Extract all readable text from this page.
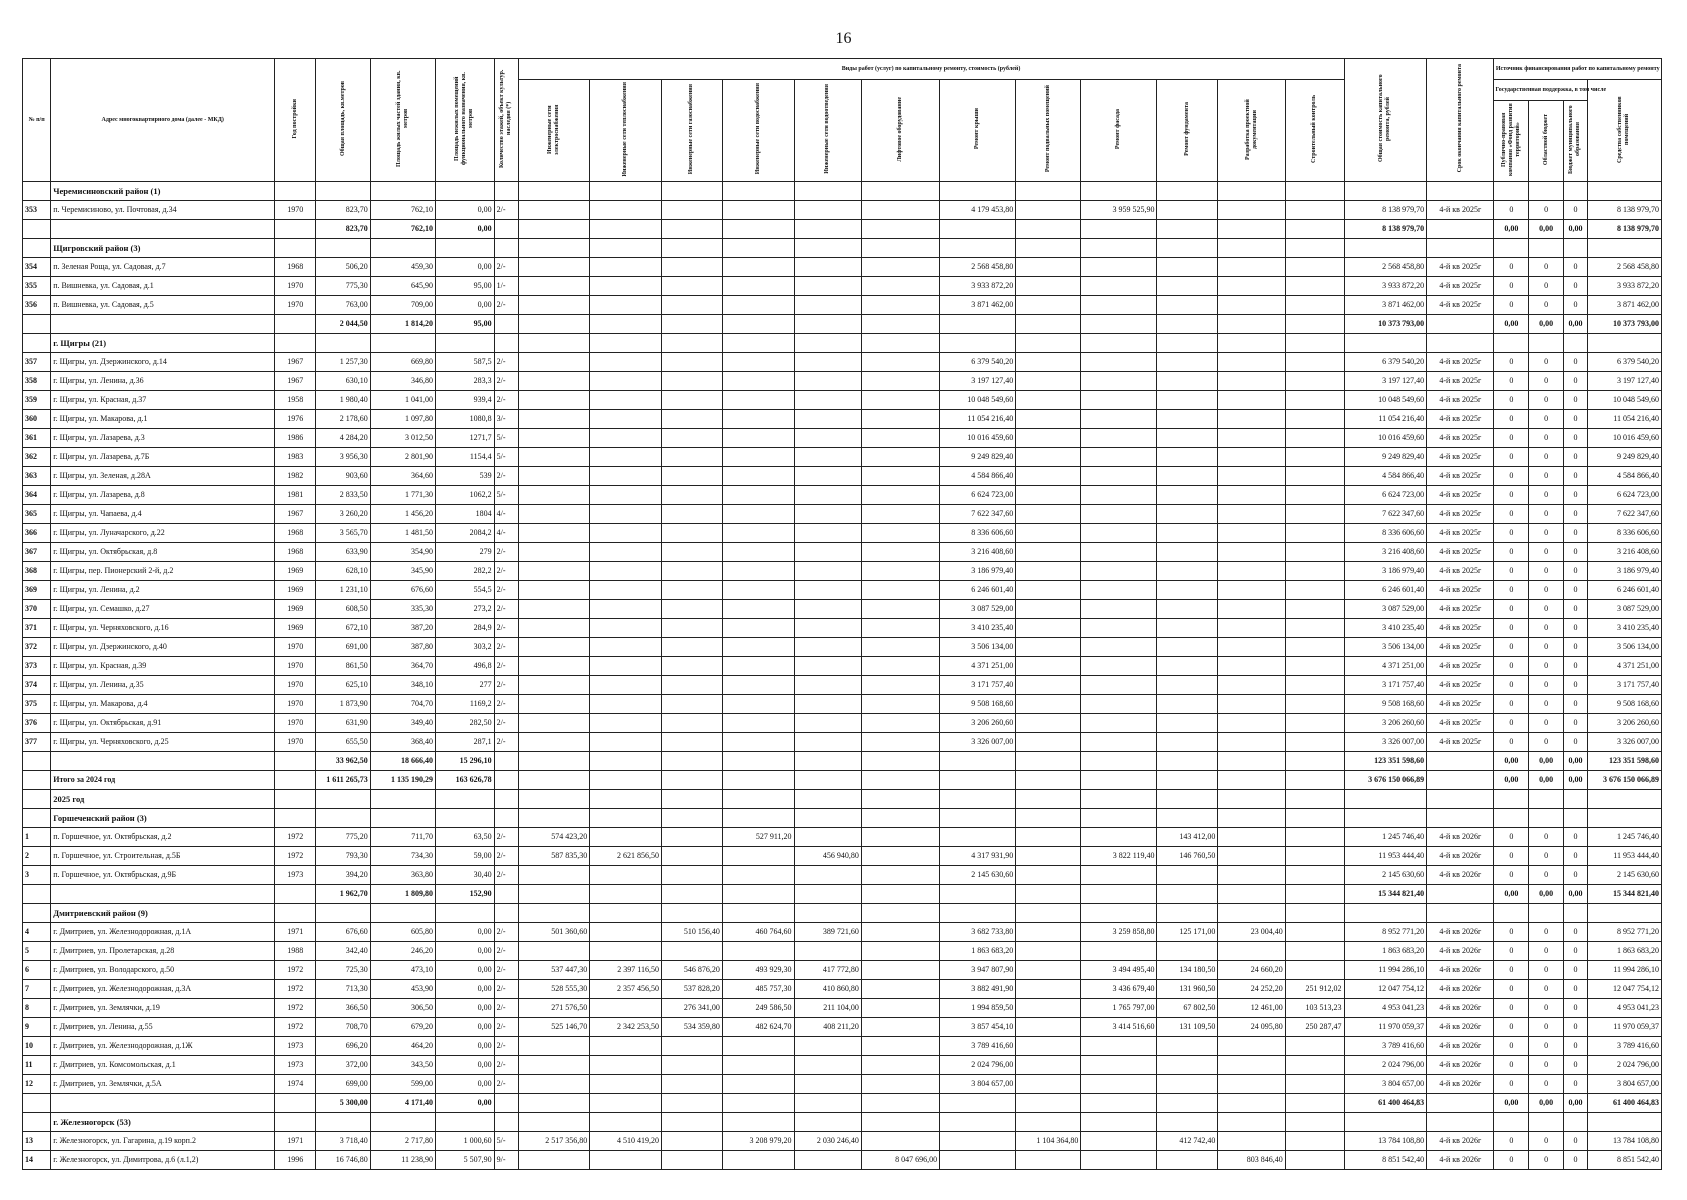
16
№ п/п	Адрес многоквартирного дома (далее - МКД)	Год постройки	Общая площадь, кв.метров	Площадь жилых частей здания, кв. метров	Площадь нежилых помещений функционального назначения, кв. метров	Количество этажей, объект культур. наследия (*)	Виды работ (услуг) по капитальному ремонту, стоимость (рублей)												Общая стоимость капитального ремонта, рублей	Срок окончания капитального ремонта	Источник финансирования работ по капитальному ремонту			
							Инженерные сети электроснабжения	Инженерные сети теплоснабжения	Инженерные сети газоснабжения	Инженерные сети водоснабжения	Инженерные сети водоотведения	Лифтовое оборудование	Ремонт крыши	Ремонт подвальных помещений	Ремонт фасада	Ремонт фундамента	Разработка проектной документации	Строительный контроль			Государственная поддержка, в том числе			Средства собственников помещений
																					Публично-правовая компания «Фонд развития территорий»	Областной бюджет	Бюджет муниципального образования	
	Черемисиновский район (1)																							
353	п. Черемисиново, ул. Почтовая, д.34	1970	823,70	762,10	0,00	2/-							4 179 453,80		3 959 525,90				8 138 979,70	4-й кв 2025г	0	0	0	8 138 979,70
			823,70	762,10	0,00														8 138 979,70		0,00	0,00	0,00	8 138 979,70
	Щигровский район (3)																							
354	п. Зеленая Роща, ул. Садовая, д.7	1968	506,20	459,30	0,00	2/-							2 568 458,80						2 568 458,80	4-й кв 2025г	0	0	0	2 568 458,80
355	п. Вишневка, ул. Садовая, д.1	1970	775,30	645,90	95,00	1/-							3 933 872,20						3 933 872,20	4-й кв 2025г	0	0	0	3 933 872,20
356	п. Вишневка, ул. Садовая, д.5	1970	763,00	709,00	0,00	2/-							3 871 462,00						3 871 462,00	4-й кв 2025г	0	0	0	3 871 462,00
			2 044,50	1 814,20	95,00														10 373 793,00		0,00	0,00	0,00	10 373 793,00
	г. Щигры (21)																							
357	г. Щигры, ул. Дзержинского, д.14	1967	1 257,30	669,80	587,5	2/-							6 379 540,20						6 379 540,20	4-й кв 2025г	0	0	0	6 379 540,20
358	г. Щигры, ул. Ленина, д.36	1967	630,10	346,80	283,3	2/-							3 197 127,40						3 197 127,40	4-й кв 2025г	0	0	0	3 197 127,40
359	г. Щигры, ул. Красная, д.37	1958	1 980,40	1 041,00	939,4	2/-							10 048 549,60						10 048 549,60	4-й кв 2025г	0	0	0	10 048 549,60
360	г. Щигры, ул. Макарова, д.1	1976	2 178,60	1 097,80	1080,8	3/-							11 054 216,40						11 054 216,40	4-й кв 2025г	0	0	0	11 054 216,40
361	г. Щигры, ул. Лазарева, д.3	1986	4 284,20	3 012,50	1271,7	5/-							10 016 459,60						10 016 459,60	4-й кв 2025г	0	0	0	10 016 459,60
362	г. Щигры, ул. Лазарева, д.7Б	1983	3 956,30	2 801,90	1154,4	5/-							9 249 829,40						9 249 829,40	4-й кв 2025г	0	0	0	9 249 829,40
363	г. Щигры, ул. Зеленая, д.28А	1982	903,60	364,60	539	2/-							4 584 866,40						4 584 866,40	4-й кв 2025г	0	0	0	4 584 866,40
364	г. Щигры, ул. Лазарева, д.8	1981	2 833,50	1 771,30	1062,2	5/-							6 624 723,00						6 624 723,00	4-й кв 2025г	0	0	0	6 624 723,00
365	г. Щигры, ул. Чапаева, д.4	1967	3 260,20	1 456,20	1804	4/-							7 622 347,60						7 622 347,60	4-й кв 2025г	0	0	0	7 622 347,60
366	г. Щигры, ул. Луначарского, д.22	1968	3 565,70	1 481,50	2084,2	4/-							8 336 606,60						8 336 606,60	4-й кв 2025г	0	0	0	8 336 606,60
367	г. Щигры, ул. Октябрьская, д.8	1968	633,90	354,90	279	2/-							3 216 408,60						3 216 408,60	4-й кв 2025г	0	0	0	3 216 408,60
368	г. Щигры, пер. Пионерский 2-й, д.2	1969	628,10	345,90	282,2	2/-							3 186 979,40						3 186 979,40	4-й кв 2025г	0	0	0	3 186 979,40
369	г. Щигры, ул. Ленина, д.2	1969	1 231,10	676,60	554,5	2/-							6 246 601,40						6 246 601,40	4-й кв 2025г	0	0	0	6 246 601,40
370	г. Щигры, ул. Семашко, д.27	1969	608,50	335,30	273,2	2/-							3 087 529,00						3 087 529,00	4-й кв 2025г	0	0	0	3 087 529,00
371	г. Щигры, ул. Черняховского, д.16	1969	672,10	387,20	284,9	2/-							3 410 235,40						3 410 235,40	4-й кв 2025г	0	0	0	3 410 235,40
372	г. Щигры, ул. Дзержинского, д.40	1970	691,00	387,80	303,2	2/-							3 506 134,00						3 506 134,00	4-й кв 2025г	0	0	0	3 506 134,00
373	г. Щигры, ул. Красная, д.39	1970	861,50	364,70	496,8	2/-							4 371 251,00						4 371 251,00	4-й кв 2025г	0	0	0	4 371 251,00
374	г. Щигры, ул. Ленина, д.35	1970	625,10	348,10	277	2/-							3 171 757,40						3 171 757,40	4-й кв 2025г	0	0	0	3 171 757,40
375	г. Щигры, ул. Макарова, д.4	1970	1 873,90	704,70	1169,2	2/-							9 508 168,60						9 508 168,60	4-й кв 2025г	0	0	0	9 508 168,60
376	г. Щигры, ул. Октябрьская, д.91	1970	631,90	349,40	282,50	2/-							3 206 260,60						3 206 260,60	4-й кв 2025г	0	0	0	3 206 260,60
377	г. Щигры, ул. Черняховского, д.25	1970	655,50	368,40	287,1	2/-							3 326 007,00						3 326 007,00	4-й кв 2025г	0	0	0	3 326 007,00
			33 962,50	18 666,40	15 296,10														123 351 598,60		0,00	0,00	0,00	123 351 598,60
	Итого за 2024 год		1 611 265,73	1 135 190,29	163 626,78														3 676 150 066,89		0,00	0,00	0,00	3 676 150 066,89
	2025 год																							
	Горшеченский район (3)																							
1	п. Горшечное, ул. Октябрьская, д.2	1972	775,20	711,70	63,50	2/-	574 423,20			527 911,20						143 412,00			1 245 746,40	4-й кв 2026г	0	0	0	1 245 746,40
2	п. Горшечное, ул. Строительная, д.5Б	1972	793,30	734,30	59,00	2/-	587 835,30	2 621 856,50			456 940,80		4 317 931,90		3 822 119,40	146 760,50			11 953 444,40	4-й кв 2026г	0	0	0	11 953 444,40
3	п. Горшечное, ул. Октябрьская, д.9Б	1973	394,20	363,80	30,40	2/-							2 145 630,60						2 145 630,60	4-й кв 2026г	0	0	0	2 145 630,60
			1 962,70	1 809,80	152,90														15 344 821,40		0,00	0,00	0,00	15 344 821,40
	Дмитриевский район (9)																							
4	г. Дмитриев, ул. Железнодорожная, д.1А	1971	676,60	605,80	0,00	2/-	501 360,60		510 156,40	460 764,60	389 721,60		3 682 733,80		3 259 858,80	125 171,00	23 004,40		8 952 771,20	4-й кв 2026г	0	0	0	8 952 771,20
5	г. Дмитриев, ул. Пролетарская, д.28	1988	342,40	246,20	0,00	2/-							1 863 683,20						1 863 683,20	4-й кв 2026г	0	0	0	1 863 683,20
6	г. Дмитриев, ул. Володарского, д.50	1972	725,30	473,10	0,00	2/-	537 447,30	2 397 116,50	546 876,20	493 929,30	417 772,80		3 947 807,90		3 494 495,40	134 180,50	24 660,20		11 994 286,10	4-й кв 2026г	0	0	0	11 994 286,10
7	г. Дмитриев, ул. Железнодорожная, д.3А	1972	713,30	453,90	0,00	2/-	528 555,30	2 357 456,50	537 828,20	485 757,30	410 860,80		3 882 491,90		3 436 679,40	131 960,50	24 252,20	251 912,02	12 047 754,12	4-й кв 2026г	0	0	0	12 047 754,12
8	г. Дмитриев, ул. Землячки, д.19	1972	366,50	306,50	0,00	2/-	271 576,50		276 341,00	249 586,50	211 104,00		1 994 859,50		1 765 797,00	67 802,50	12 461,00	103 513,23	4 953 041,23	4-й кв 2026г	0	0	0	4 953 041,23
9	г. Дмитриев, ул. Ленина, д.55	1972	708,70	679,20	0,00	2/-	525 146,70	2 342 253,50	534 359,80	482 624,70	408 211,20		3 857 454,10		3 414 516,60	131 109,50	24 095,80	250 287,47	11 970 059,37	4-й кв 2026г	0	0	0	11 970 059,37
10	г. Дмитриев, ул. Железнодорожная, д.1Ж	1973	696,20	464,20	0,00	2/-							3 789 416,60						3 789 416,60	4-й кв 2026г	0	0	0	3 789 416,60
11	г. Дмитриев, ул. Комсомольская, д.1	1973	372,00	343,50	0,00	2/-							2 024 796,00						2 024 796,00	4-й кв 2026г	0	0	0	2 024 796,00
12	г. Дмитриев, ул. Землячки, д.5А	1974	699,00	599,00	0,00	2/-							3 804 657,00						3 804 657,00	4-й кв 2026г	0	0	0	3 804 657,00
			5 300,00	4 171,40	0,00														61 400 464,83		0,00	0,00	0,00	61 400 464,83
	г. Железногорск (53)																							
13	г. Железногорск, ул. Гагарина, д.19 корп.2	1971	3 718,40	2 717,80	1 000,60	5/-	2 517 356,80	4 510 419,20		3 208 979,20	2 030 246,40			1 104 364,80		412 742,40			13 784 108,80	4-й кв 2026г	0	0	0	13 784 108,80
14	г. Железногорск, ул. Димитрова, д.6 (л.1,2)	1996	16 746,80	11 238,90	5 507,90	9/-						8 047 696,00					803 846,40		8 851 542,40	4-й кв 2026г	0	0	0	8 851 542,40
